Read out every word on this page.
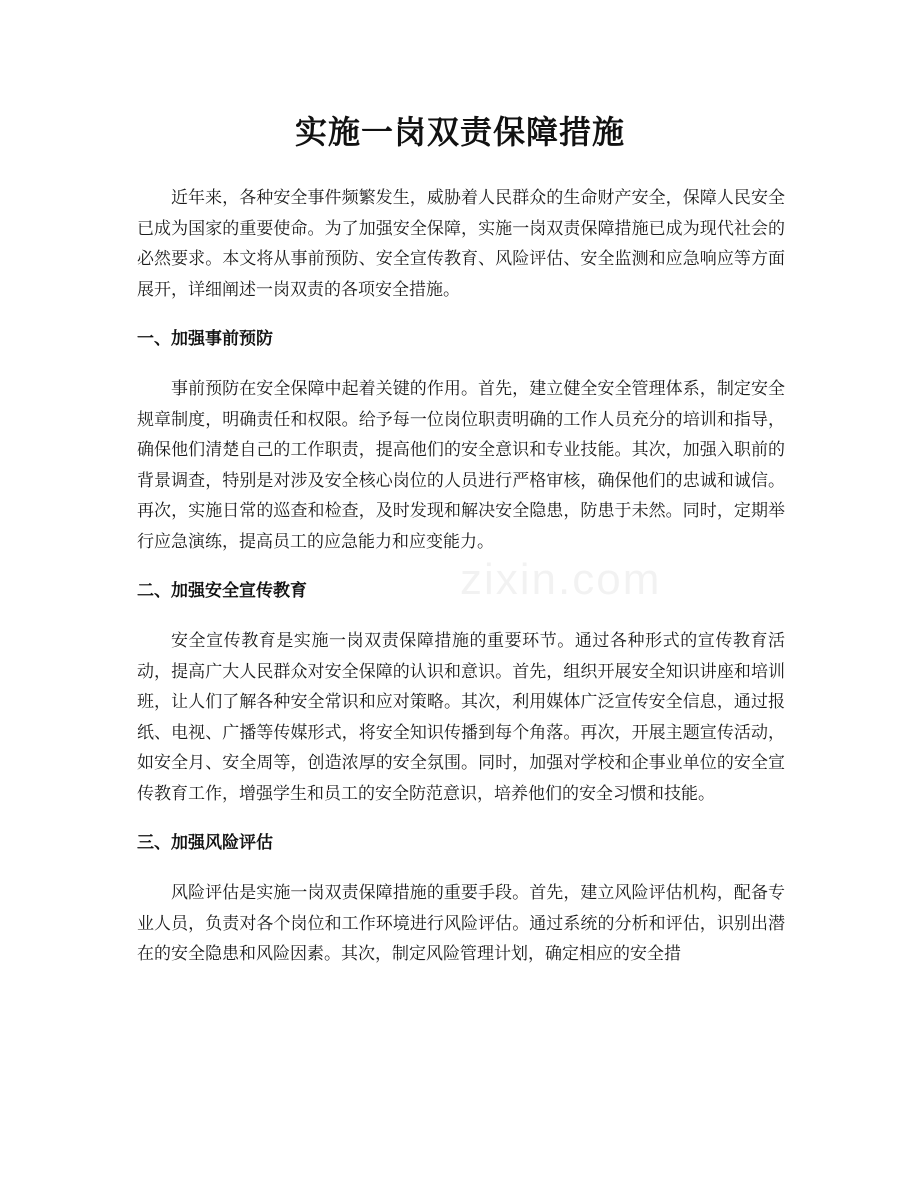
zixin.com
实施一岗双责保障措施

近年来，各种安全事件频繁发生，威胁着人民群众的生命财产安全，保障人民安全已成为国家的重要使命。为了加强安全保障，实施一岗双责保障措施已成为现代社会的必然要求。本文将从事前预防、安全宣传教育、风险评估、安全监测和应急响应等方面展开，详细阐述一岗双责的各项安全措施。

一、加强事前预防

事前预防在安全保障中起着关键的作用。首先，建立健全安全管理体系，制定安全规章制度，明确责任和权限。给予每一位岗位职责明确的工作人员充分的培训和指导，确保他们清楚自己的工作职责，提高他们的安全意识和专业技能。其次，加强入职前的背景调查，特别是对涉及安全核心岗位的人员进行严格审核，确保他们的忠诚和诚信。再次，实施日常的巡查和检查，及时发现和解决安全隐患，防患于未然。同时，定期举行应急演练，提高员工的应急能力和应变能力。

二、加强安全宣传教育

安全宣传教育是实施一岗双责保障措施的重要环节。通过各种形式的宣传教育活动，提高广大人民群众对安全保障的认识和意识。首先，组织开展安全知识讲座和培训班，让人们了解各种安全常识和应对策略。其次，利用媒体广泛宣传安全信息，通过报纸、电视、广播等传媒形式，将安全知识传播到每个角落。再次，开展主题宣传活动，如安全月、安全周等，创造浓厚的安全氛围。同时，加强对学校和企事业单位的安全宣传教育工作，增强学生和员工的安全防范意识，培养他们的安全习惯和技能。

三、加强风险评估

风险评估是实施一岗双责保障措施的重要手段。首先，建立风险评估机构，配备专业人员，负责对各个岗位和工作环境进行风险评估。通过系统的分析和评估，识别出潜在的安全隐患和风险因素。其次，制定风险管理计划，确定相应的安全措
